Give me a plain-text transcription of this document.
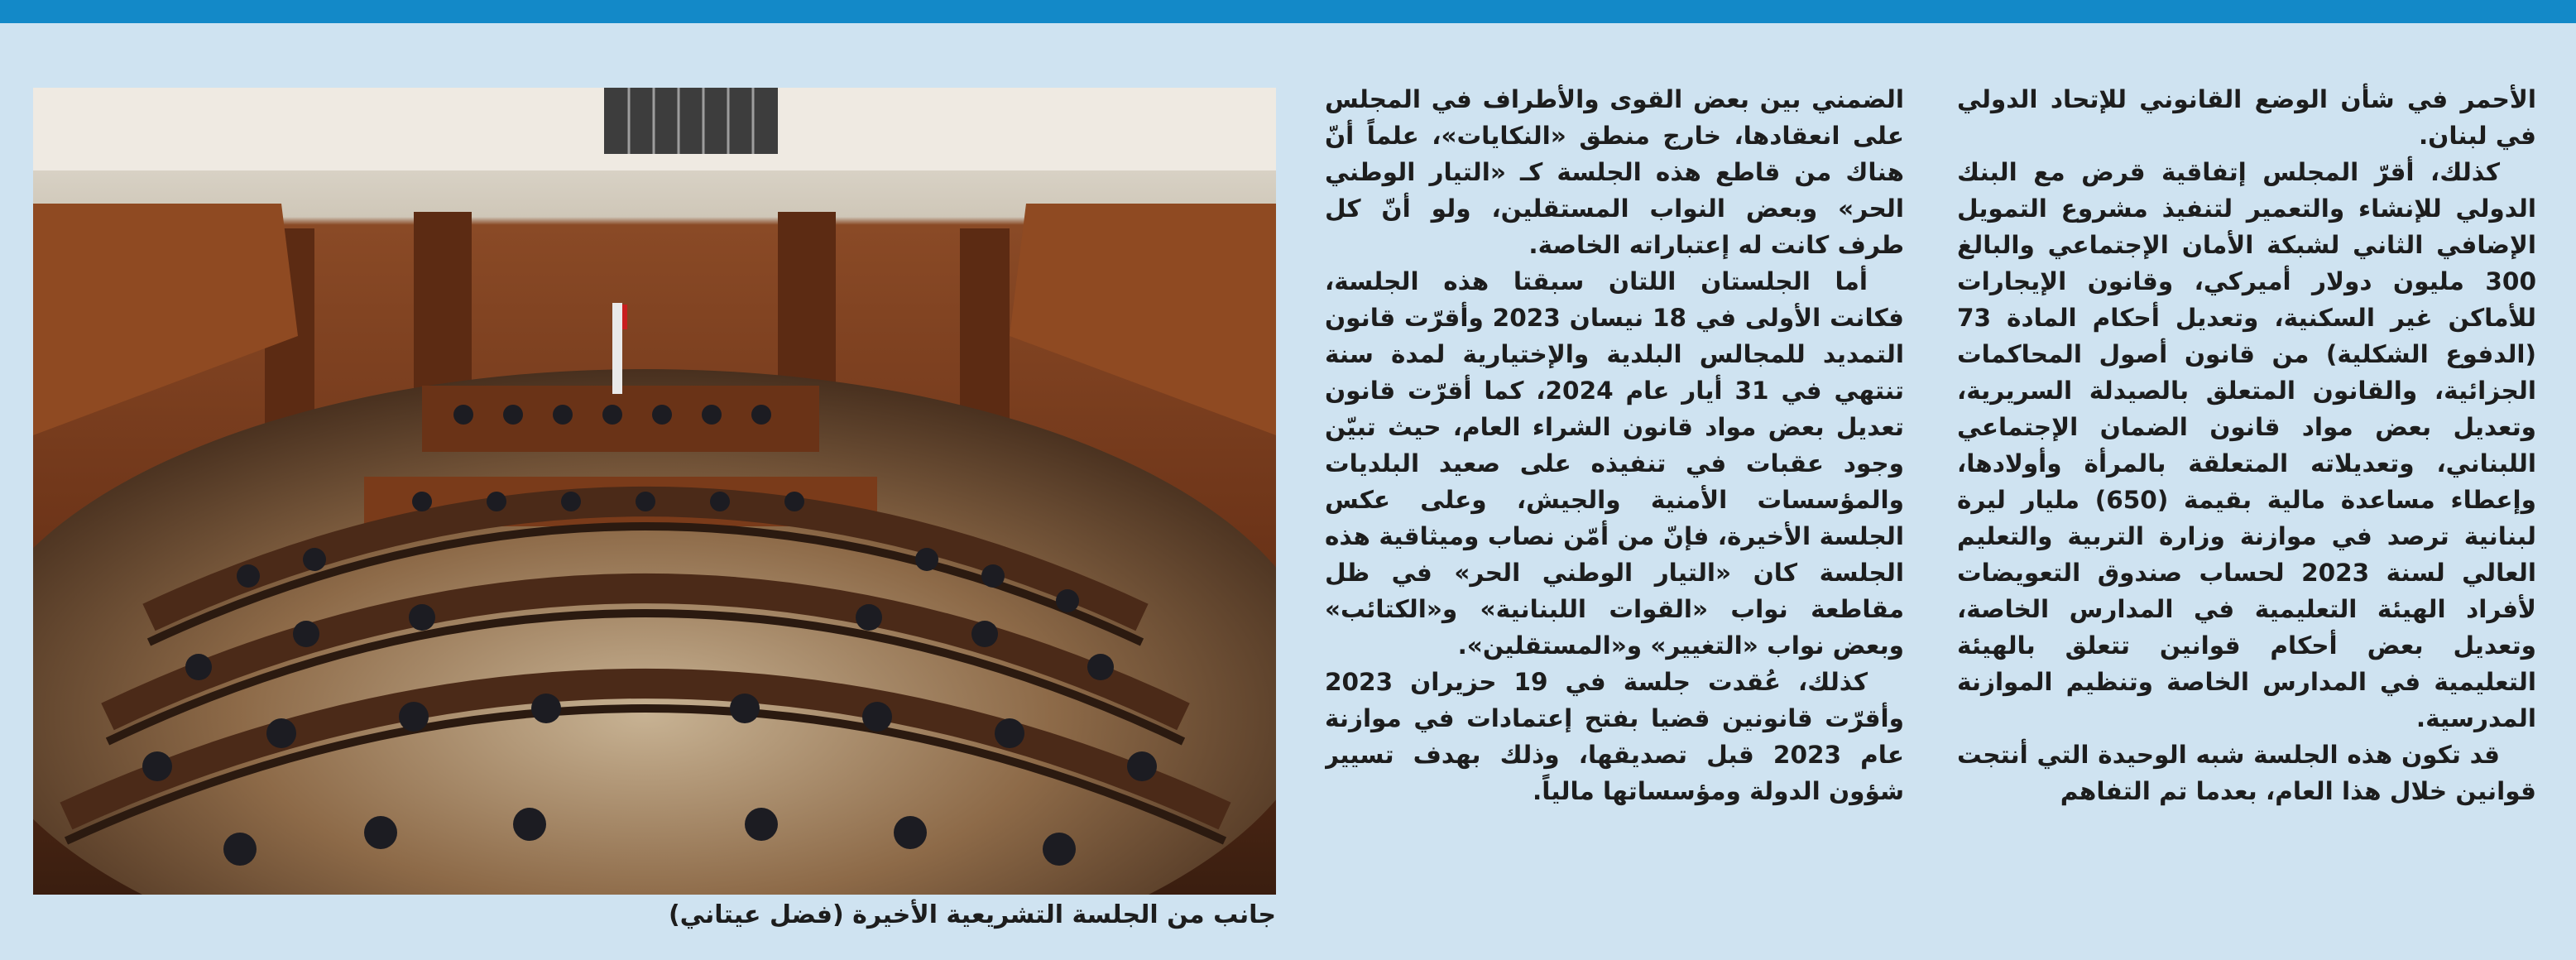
الأحمر في شأن الوضع القانوني للإتحاد الدولي في لبنان.

كذلك، أقرّ المجلس إتفاقية قرض مع البنك الدولي للإنشاء والتعمير لتنفيذ مشروع التمويل الإضافي الثاني لشبكة الأمان الإجتماعي والبالغ 300 مليون دولار أميركي، وقانون الإيجارات للأماكن غير السكنية، وتعديل أحكام المادة 73 (الدفوع الشكلية) من قانون أصول المحاكمات الجزائية، والقانون المتعلق بالصيدلة السريرية، وتعديل بعض مواد قانون الضمان الإجتماعي اللبناني، وتعديلاته المتعلقة بالمرأة وأولادها، وإعطاء مساعدة مالية بقيمة (650) مليار ليرة لبنانية ترصد في موازنة وزارة التربية والتعليم العالي لسنة 2023 لحساب صندوق التعويضات لأفراد الهيئة التعليمية في المدارس الخاصة، وتعديل بعض أحكام قوانين تتعلق بالهيئة التعليمية في المدارس الخاصة وتنظيم الموازنة المدرسية.

قد تكون هذه الجلسة شبه الوحيدة التي أنتجت قوانين خلال هذا العام، بعدما تم التفاهم

الضمني بين بعض القوى والأطراف في المجلس على انعقادها، خارج منطق «النكايات»، علماً أنّ هناك من قاطع هذه الجلسة كـ «التيار الوطني الحر» وبعض النواب المستقلين، ولو أنّ كل طرف كانت له إعتباراته الخاصة.

أما الجلستان اللتان سبقتا هذه الجلسة، فكانت الأولى في 18 نيسان 2023 وأقرّت قانون التمديد للمجالس البلدية والإختيارية لمدة سنة تنتهي في 31 أيار عام 2024، كما أقرّت قانون تعديل بعض مواد قانون الشراء العام، حيث تبيّن وجود عقبات في تنفيذه على صعيد البلديات والمؤسسات الأمنية والجيش، وعلى عكس الجلسة الأخيرة، فإنّ من أمّن نصاب وميثاقية هذه الجلسة كان «التيار الوطني الحر» في ظل مقاطعة نواب «القوات اللبنانية» و«الكتائب» وبعض نواب «التغيير» و«المستقلين».

كذلك، عُقدت جلسة في 19 حزيران 2023 وأقرّت قانونين قضيا بفتح إعتمادات في موازنة عام 2023 قبل تصديقها، وذلك بهدف تسيير شؤون الدولة ومؤسساتها مالياً.

جانب من الجلسة التشريعية الأخيرة (فضل عيتاني)
